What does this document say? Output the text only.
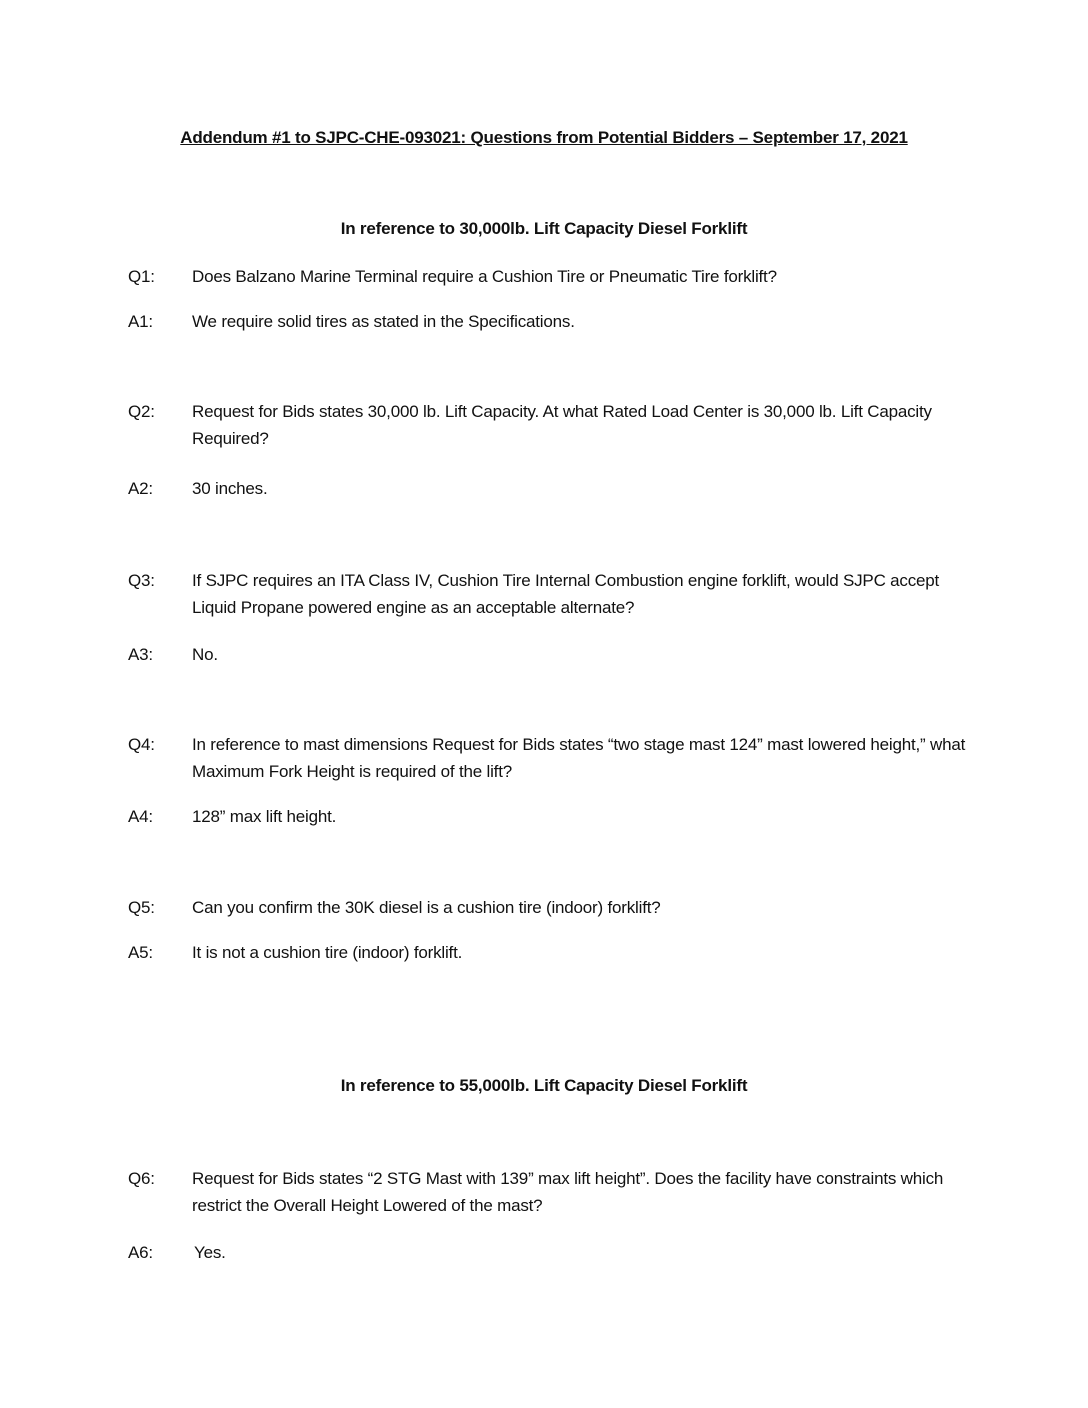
Addendum #1 to SJPC-CHE-093021: Questions from Potential Bidders – September 17, 2021
In reference to 30,000lb. Lift Capacity Diesel Forklift
Q1:	Does Balzano Marine Terminal require a Cushion Tire or Pneumatic Tire forklift?
A1:	We require solid tires as stated in the Specifications.
Q2:	Request for Bids states 30,000 lb. Lift Capacity. At what Rated Load Center is 30,000 lb. Lift Capacity Required?
A2:	30 inches.
Q3:	If SJPC requires an ITA Class IV, Cushion Tire Internal Combustion engine forklift, would SJPC accept Liquid Propane powered engine as an acceptable alternate?
A3:	No.
Q4:	In reference to mast dimensions Request for Bids states “two stage mast 124” mast lowered height,” what Maximum Fork Height is required of the lift?
A4:	128” max lift height.
Q5:	Can you confirm the 30K diesel is a cushion tire (indoor) forklift?
A5:	It is not a cushion tire (indoor) forklift.
In reference to 55,000lb. Lift Capacity Diesel Forklift
Q6:	Request for Bids states “2 STG Mast with 139” max lift height”. Does the facility have constraints which restrict the Overall Height Lowered of the mast?
A6:	Yes.
